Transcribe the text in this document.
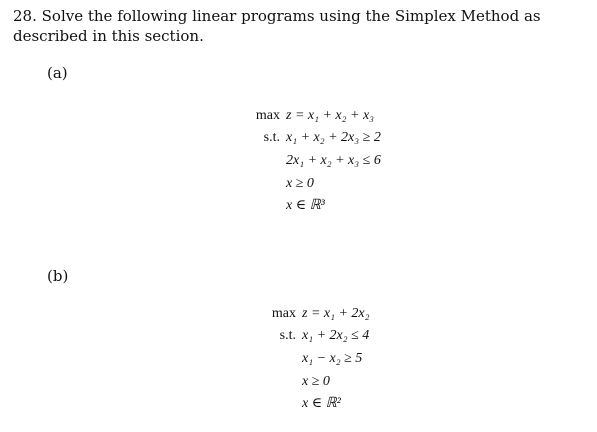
28. Solve the following linear programs using the Simplex Method as described in this section.
(a)
max z = x₁ + x₂ + x₃
s.t. x₁ + x₂ + 2x₃ ≥ 2
2x₁ + x₂ + x₃ ≤ 6
x ≥ 0
x ∈ ℝ³
(b)
max z = x₁ + 2x₂
s.t. x₁ + 2x₂ ≤ 4
x₁ − x₂ ≥ 5
x ≥ 0
x ∈ ℝ²
